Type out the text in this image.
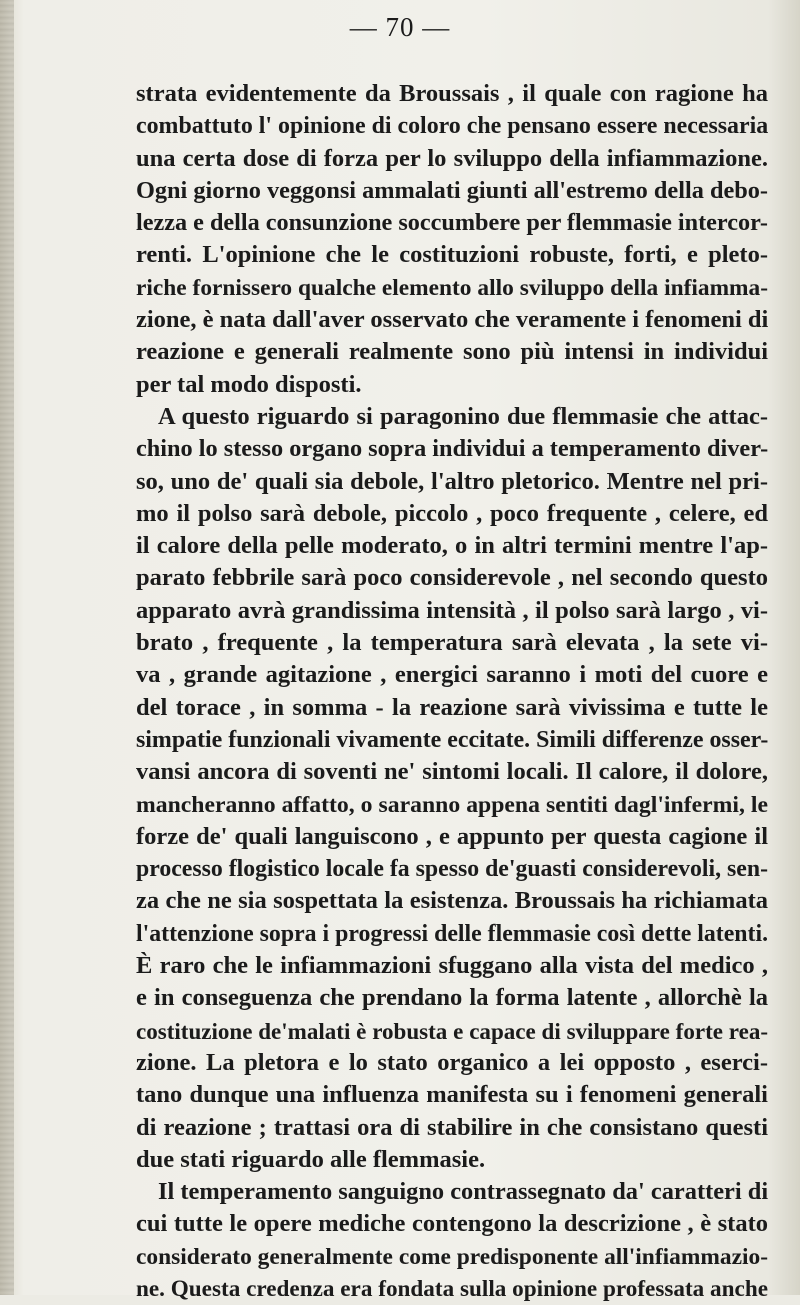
— 70 —
strata evidentemente da Broussais , il quale con ragione ha
combattuto l' opinione di coloro che pensano essere necessaria
una certa dose di forza per lo sviluppo della infiammazione.
Ogni giorno veggonsi ammalati giunti all'estremo della debo-
lezza e della consunzione soccumbere per flemmasie intercor-
renti. L'opinione che le costituzioni robuste, forti, e pleto-
riche fornissero qualche elemento allo sviluppo della infiamma-
zione, è nata dall'aver osservato che veramente i fenomeni di
reazione e generali realmente sono più intensi in individui
per tal modo disposti.
A questo riguardo si paragonino due flemmasie che attac-
chino lo stesso organo sopra individui a temperamento diver-
so, uno de' quali sia debole, l'altro pletorico. Mentre nel pri-
mo il polso sarà debole, piccolo , poco frequente , celere, ed
il calore della pelle moderato, o in altri termini mentre l'ap-
parato febbrile sarà poco considerevole , nel secondo questo
apparato avrà grandissima intensità , il polso sarà largo , vi-
brato , frequente , la temperatura sarà elevata , la sete vi-
va , grande agitazione , energici saranno i moti del cuore e
del torace , in somma - la reazione sarà vivissima e tutte le
simpatie funzionali vivamente eccitate. Simili differenze osser-
vansi ancora di soventi ne' sintomi locali. Il calore, il dolore,
mancheranno affatto, o saranno appena sentiti dagl'infermi, le
forze de' quali languiscono , e appunto per questa cagione il
processo flogistico locale fa spesso de'guasti considerevoli, sen-
za che ne sia sospettata la esistenza. Broussais ha richiamata
l'attenzione sopra i progressi delle flemmasie così dette latenti.
È raro che le infiammazioni sfuggano alla vista del medico ,
e in conseguenza che prendano la forma latente , allorchè la
costituzione de'malati è robusta e capace di sviluppare forte rea-
zione. La pletora e lo stato organico a lei opposto , eserci-
tano dunque una influenza manifesta su i fenomeni generali
di reazione ; trattasi ora di stabilire in che consistano questi
due stati riguardo alle flemmasie.
Il temperamento sanguigno contrassegnato da' caratteri di
cui tutte le opere mediche contengono la descrizione , è stato
considerato generalmente come predisponente all'infiammazio-
ne. Questa credenza era fondata sulla opinione professata anche
